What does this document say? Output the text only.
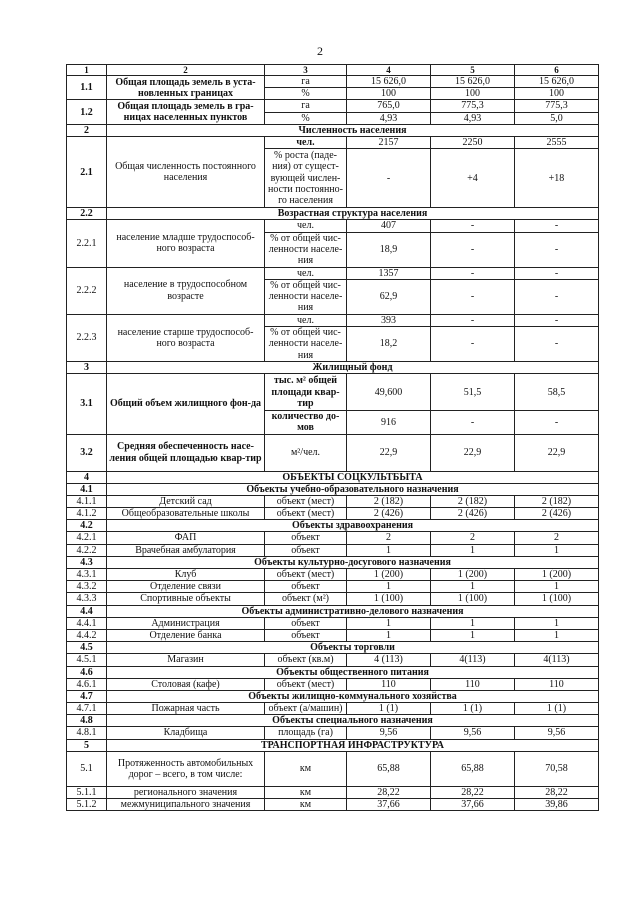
2
1	2	3	4	5	6
1.1	Общая площадь земель в уста-новленных границах	га	15 626,0	15 626,0	15 626,0
		%	100	100	100
1.2	Общая площадь земель в гра-ницах населенных пунктов	га	765,0	775,3	775,3
		%	4,93	4,93	5,0
2	Численность населения				
2.1	Общая численность постоянного населения	чел.	2157	2250	2555
		% роста (паде-ния) от сущест-вующей числен-ности постоянно-го населения	-	+4	+18
2.2	Возрастная структура населения				
2.2.1	население младше трудоспособ-ного возраста	чел.	407	-	-
		% от общей чис-ленности населе-ния	18,9	-	-
2.2.2	население в трудоспособном возрасте	чел.	1357	-	-
		% от общей чис-ленности населе-ния	62,9	-	-
2.2.3	население старше трудоспособ-ного возраста	чел.	393	-	-
		% от общей чис-ленности населе-ния	18,2	-	-
3	Жилищный фонд				
3.1	Общий объем жилищного фон-да	тыс. м² общей площади квар-тир	49,600	51,5	58,5
		количество до-мов	916	-	-
3.2	Средняя обеспеченность насе-ления общей площадью квар-тир	м²/чел.	22,9	22,9	22,9
4	ОБЪЕКТЫ СОЦКУЛЬТБЫТА				
4.1	Объекты учебно-образовательного назначения				
4.1.1	Детский сад	объект (мест)	2 (182)	2 (182)	2 (182)
4.1.2	Общеобразовательные школы	объект (мест)	2 (426)	2 (426)	2 (426)
4.2	Объекты здравоохранения				
4.2.1	ФАП	объект	2	2	2
4.2.2	Врачебная амбулатория	объект	1	1	1
4.3	Объекты культурно-досугового назначения				
4.3.1	Клуб	объект (мест)	1 (200)	1 (200)	1 (200)
4.3.2	Отделение связи	объект	1	1	1
4.3.3	Спортивные объекты	объект (м²)	1 (100)	1 (100)	1 (100)
4.4	Объекты административно-делового назначения				
4.4.1	Администрация	объект	1	1	1
4.4.2	Отделение банка	объект	1	1	1
4.5	Объекты торговли				
4.5.1	Магазин	объект (кв.м)	4 (113)	4(113)	4(113)
4.6	Объекты общественного питания				
4.6.1	Столовая (кафе)	объект (мест)	110	110	110
4.7	Объекты жилищно-коммунального хозяйства				
4.7.1	Пожарная часть	объект (а/машин)	1 (1)	1 (1)	1 (1)
4.8	Объекты специального назначения				
4.8.1	Кладбища	площадь (га)	9,56	9,56	9,56
5	ТРАНСПОРТНАЯ ИНФРАСТРУКТУРА				
5.1	Протяженность автомобильных дорог – всего, в том числе:	км	65,88	65,88	70,58
5.1.1	регионального значения	км	28,22	28,22	28,22
5.1.2	межмуниципального значения	км	37,66	37,66	39,86
